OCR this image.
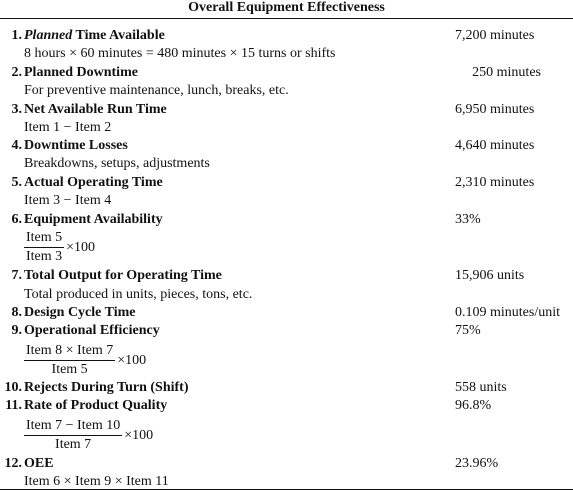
Overall Equipment Effectiveness
1. Planned Time Available	7,200 minutes
8 hours × 60 minutes = 480 minutes × 15 turns or shifts
2. Planned Downtime	250 minutes
For preventive maintenance, lunch, breaks, etc.
3. Net Available Run Time	6,950 minutes
Item 1 − Item 2
4. Downtime Losses	4,640 minutes
Breakdowns, setups, adjustments
5. Actual Operating Time	2,310 minutes
Item 3 − Item 4
6. Equipment Availability	33%
Item 5
Item 3
×100
7. Total Output for Operating Time	15,906 units
Total produced in units, pieces, tons, etc.
8. Design Cycle Time	0.109 minutes/unit
9. Operational Efficiency	75%
Item 8 × Item 7
Item 5
×100
10. Rejects During Turn (Shift)	558 units
11. Rate of Product Quality	96.8%
Item 7 − Item 10
Item 7
×100
12. OEE	23.96%
Item 6 × Item 9 × Item 11
